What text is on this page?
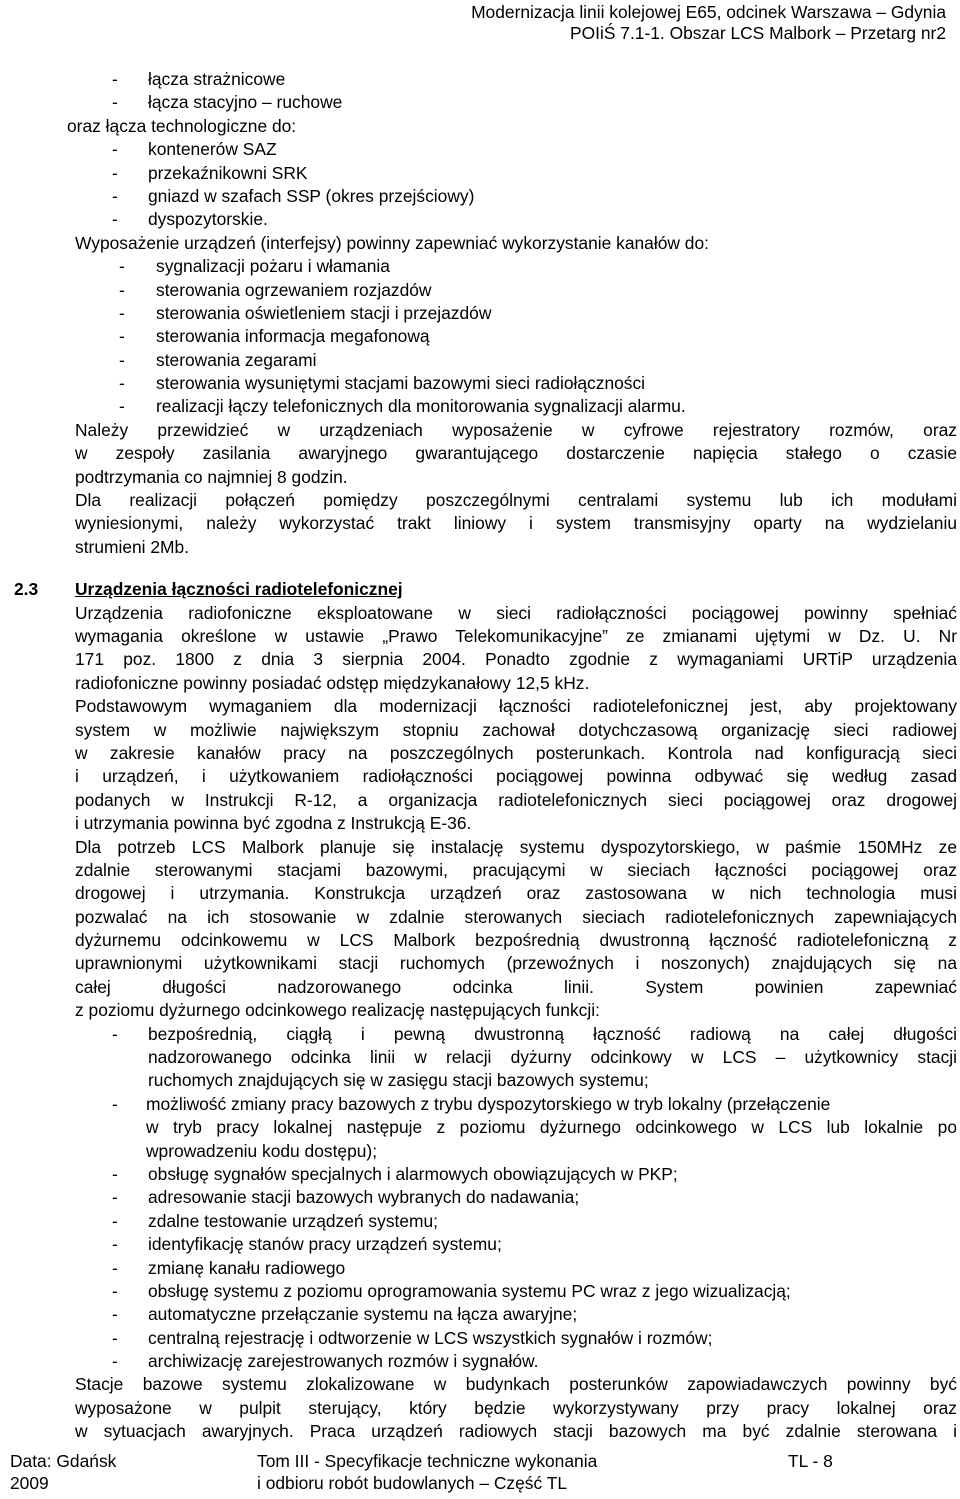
Modernizacja linii kolejowej E65, odcinek Warszawa – Gdynia
POIiŚ 7.1-1. Obszar LCS Malbork – Przetarg nr2
- łącza strażnicowe
- łącza stacyjno – ruchowe
oraz łącza technologiczne do:
- kontenerów SAZ
- przekaźnikowni SRK
- gniazd w szafach SSP (okres przejściowy)
- dyspozytorskie.
Wyposażenie urządzeń (interfejsy) powinny zapewniać wykorzystanie kanałów do:
- sygnalizacji pożaru i włamania
- sterowania ogrzewaniem rozjazdów
- sterowania oświetleniem stacji i przejazdów
- sterowania informacja megafonową
- sterowania zegarami
- sterowania wysuniętymi stacjami bazowymi sieci radiołączności
- realizacji łączy telefonicznych dla monitorowania sygnalizacji alarmu.
Należy przewidzieć w urządzeniach wyposażenie w cyfrowe rejestratory rozmów, oraz
w zespoły zasilania awaryjnego gwarantującego dostarczenie napięcia stałego o czasie
podtrzymania co najmniej 8 godzin.
Dla realizacji połączeń pomiędzy poszczególnymi centralami systemu lub ich modułami
wyniesionymi, należy wykorzystać trakt liniowy i system transmisyjny oparty na wydzielaniu
strumieni 2Mb.
2.3 Urządzenia łączności radiotelefonicznej
Urządzenia radiofoniczne eksploatowane w sieci radiołączności pociągowej powinny spełniać
wymagania określone w ustawie „Prawo Telekomunikacyjne” ze zmianami ujętymi w Dz. U. Nr
171 poz. 1800 z dnia 3 sierpnia 2004. Ponadto zgodnie z wymaganiami URTiP urządzenia
radiofoniczne powinny posiadać odstęp międzykanałowy 12,5 kHz.
Podstawowym wymaganiem dla modernizacji łączności radiotelefonicznej jest, aby projektowany
system w możliwie największym stopniu zachował dotychczasową organizację sieci radiowej
w zakresie kanałów pracy na poszczególnych posterunkach. Kontrola nad konfiguracją sieci
i urządzeń, i użytkowaniem radiołączności pociągowej powinna odbywać się według zasad
podanych w Instrukcji R-12, a organizacja radiotelefonicznych sieci pociągowej oraz drogowej
i utrzymania powinna być zgodna z Instrukcją E-36.
Dla potrzeb LCS Malbork planuje się instalację systemu dyspozytorskiego, w paśmie 150MHz ze
zdalnie sterowanymi stacjami bazowymi, pracującymi w sieciach łączności pociągowej oraz
drogowej i utrzymania. Konstrukcja urządzeń oraz zastosowana w nich technologia musi
pozwalać na ich stosowanie w zdalnie sterowanych sieciach radiotelefonicznych zapewniających
dyżurnemu odcinkowemu w LCS Malbork bezpośrednią dwustronną łączność radiotelefoniczną z
uprawnionymi użytkownikami stacji ruchomych (przewoźnych i noszonych) znajdujących się na
całej długości nadzorowanego odcinka linii. System powinien zapewniać
z poziomu dyżurnego odcinkowego realizację następujących funkcji:
- bezpośrednią, ciągłą i pewną dwustronną łączność radiową na całej długości
nadzorowanego odcinka linii w relacji dyżurny odcinkowy w LCS – użytkownicy stacji
ruchomych znajdujących się w zasięgu stacji bazowych systemu;
- możliwość zmiany pracy bazowych z trybu dyspozytorskiego w tryb lokalny (przełączenie
w tryb pracy lokalnej następuje z poziomu dyżurnego odcinkowego w LCS lub lokalnie po
wprowadzeniu kodu dostępu);
- obsługę sygnałów specjalnych i alarmowych obowiązujących w PKP;
- adresowanie stacji bazowych wybranych do nadawania;
- zdalne testowanie urządzeń systemu;
- identyfikację stanów pracy urządzeń systemu;
- zmianę kanału radiowego
- obsługę systemu z poziomu oprogramowania systemu PC wraz z jego wizualizacją;
- automatyczne przełączanie systemu na łącza awaryjne;
- centralną rejestrację i odtworzenie w LCS wszystkich sygnałów i rozmów;
- archiwizację zarejestrowanych rozmów i sygnałów.
Stacje bazowe systemu zlokalizowane w budynkach posterunków zapowiadawczych powinny być
wyposażone w pulpit sterujący, który będzie wykorzystywany przy pracy lokalnej oraz
w sytuacjach awaryjnych. Praca urządzeń radiowych stacji bazowych ma być zdalnie sterowana i
Data: Gdańsk
2009
Tom III - Specyfikacje techniczne wykonania
i odbioru robót budowlanych – Część TL
TL - 8
